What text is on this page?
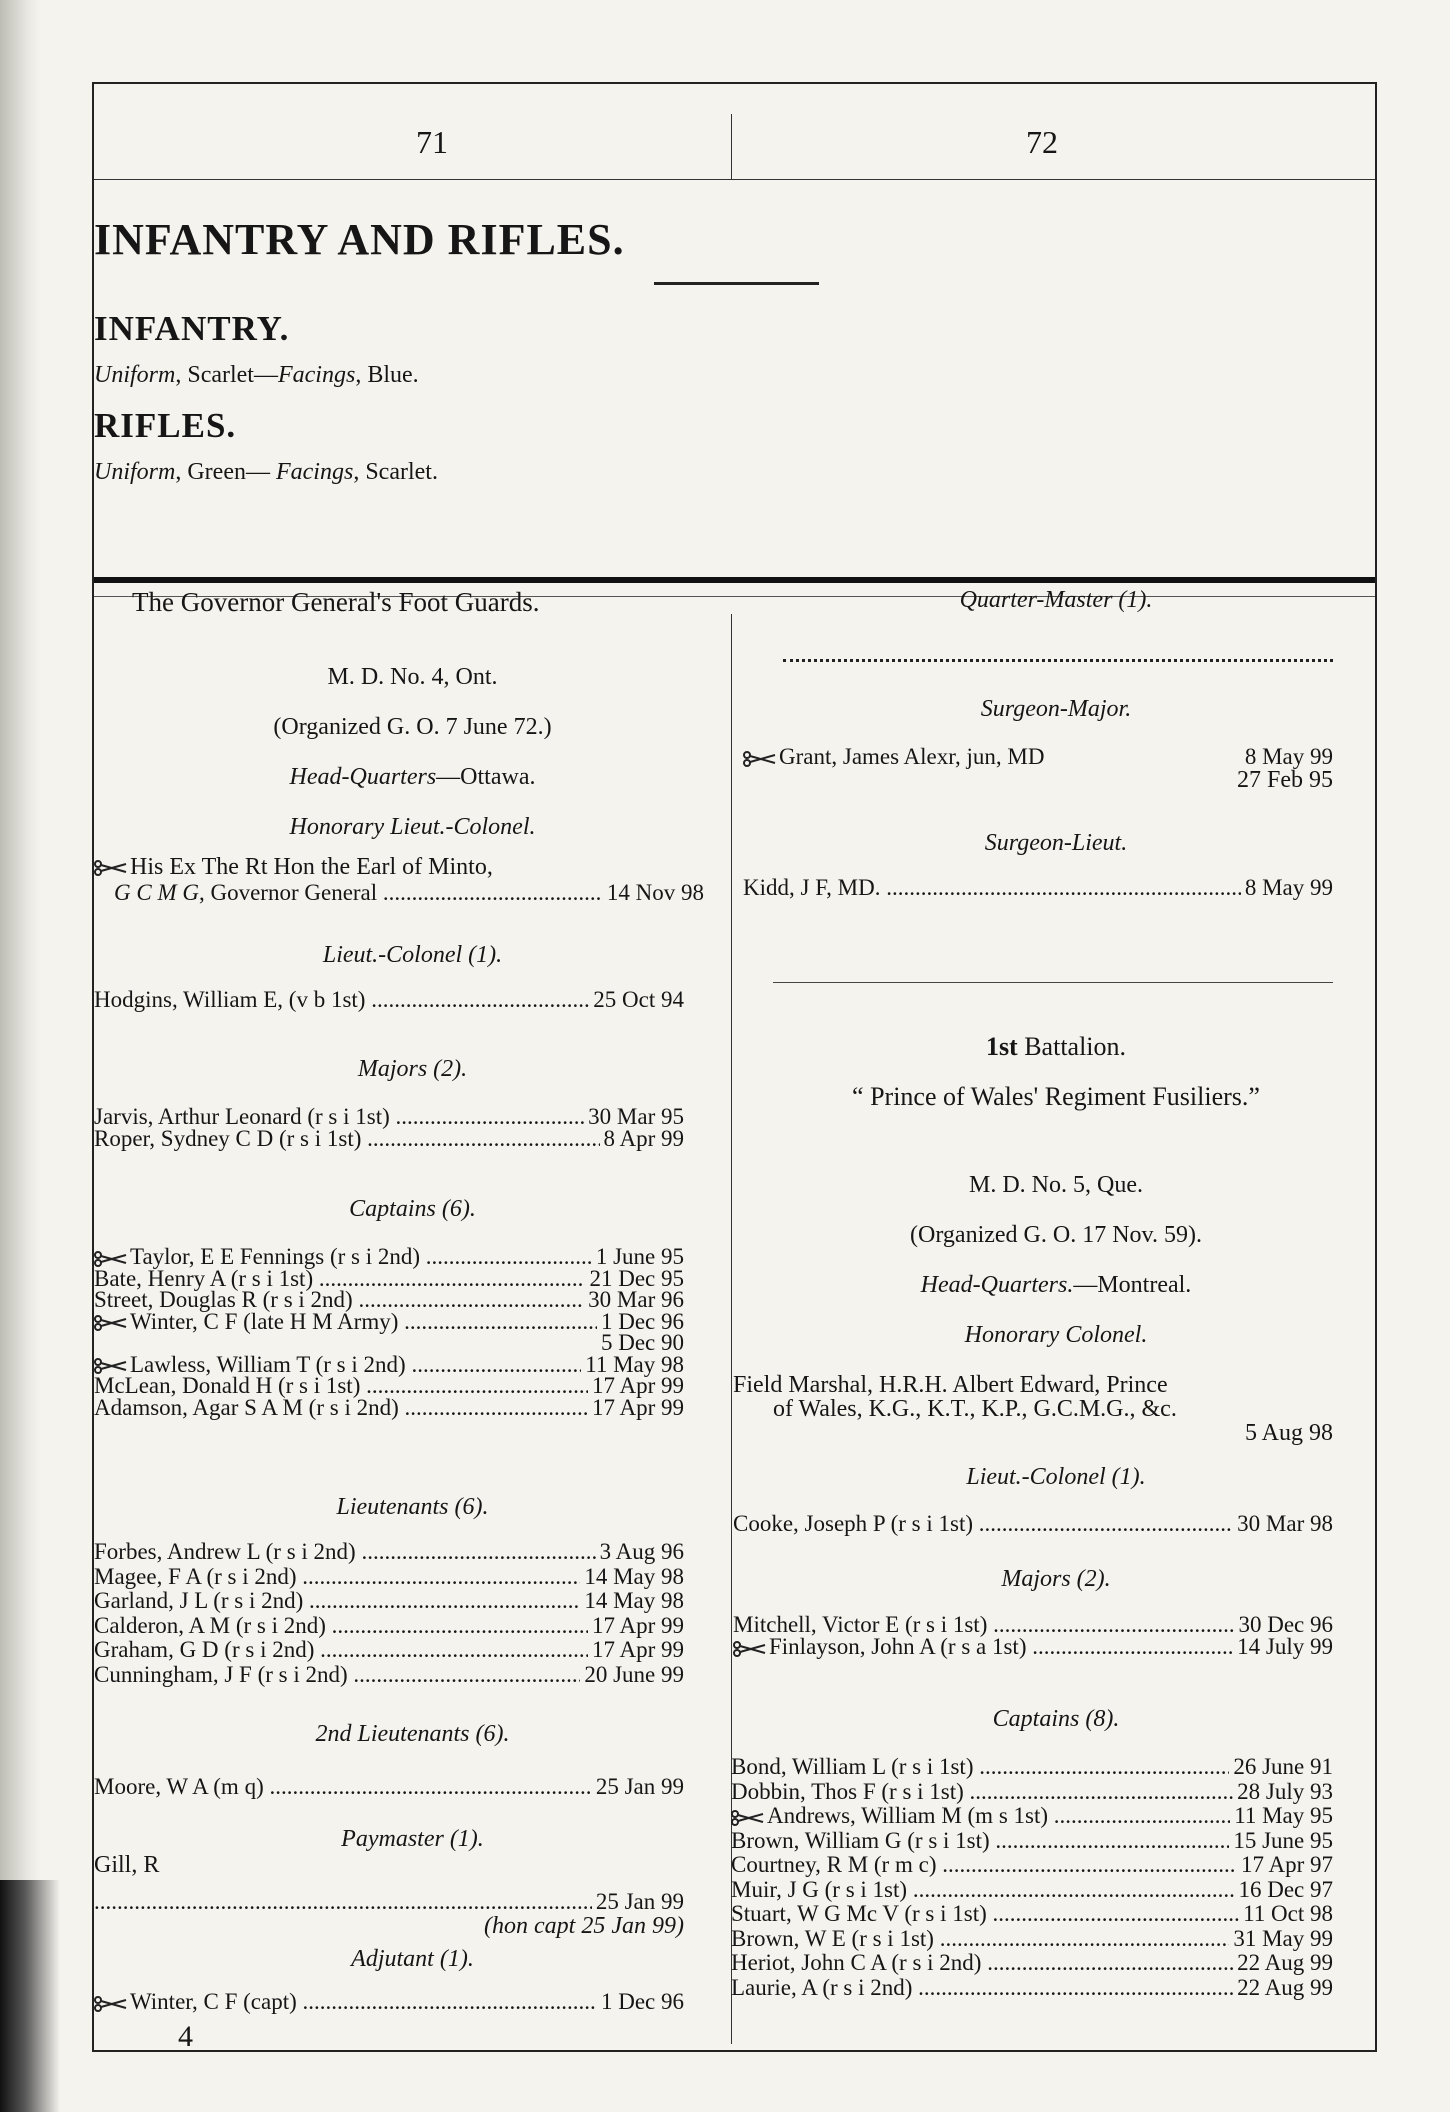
71	72
INFANTRY AND RIFLES.
INFANTRY.
Uniform, Scarlet—Facings, Blue.
RIFLES.
Uniform, Green— Facings, Scarlet.
The Governor General's Foot Guards.
M. D. No. 4, Ont.
(Organized G. O. 7 June 72.)
Head-Quarters—Ottawa.
Honorary Lieut.-Colonel.
His Ex The Rt Hon the Earl of Minto,
G C M G, Governor General .....	14 Nov 98
Lieut.-Colonel (1).
Hodgins, William E, (v b 1st) .....	25 Oct 94
Majors (2).
Jarvis, Arthur Leonard (r s i 1st) .....	30 Mar 95
Roper, Sydney C D (r s i 1st) .....	8 Apr 99
Captains (6).
Taylor, E E Fennings (r s i 2nd) .....	1 June 95
Bate, Henry A (r s i 1st) .....	21 Dec 95
Street, Douglas R (r s i 2nd) .....	30 Mar 96
Winter, C F (late H M Army) .....	1 Dec 96
5 Dec 90
Lawless, William T (r s i 2nd) .....	11 May 98
McLean, Donald H (r s i 1st) .....	17 Apr 99
Adamson, Agar S A M (r s i 2nd) .....	17 Apr 99
Lieutenants (6).
Forbes, Andrew L (r s i 2nd) .....	3 Aug 96
Magee, F A (r s i 2nd) .....	14 May 98
Garland, J L (r s i 2nd) .....	14 May 98
Calderon, A M (r s i 2nd) .....	17 Apr 99
Graham, G D (r s i 2nd) .....	17 Apr 99
Cunningham, J F (r s i 2nd) .....	20 June 99
2nd Lieutenants (6).
Moore, W A (m q) .....	25 Jan 99
Paymaster (1).
Gill, R
.....
25 Jan 99
(hon capt 25 Jan 99)
Adjutant (1).
Winter, C F (capt) .....	1 Dec 96
Quarter-Master (1).
Surgeon-Major.
Grant, James Alexr, jun, MD	8 May 99
27 Feb 95
Surgeon-Lieut.
Kidd, J F, MD. .....	8 May 99
1st Battalion.
“ Prince of Wales' Regiment Fusiliers.”
M. D. No. 5, Que.
(Organized G. O. 17 Nov. 59).
Head-Quarters.—Montreal.
Honorary Colonel.
Field Marshal, H.R.H. Albert Edward, Prince
of Wales, K.G., K.T., K.P., G.C.M.G., &c.
5 Aug 98
Lieut.-Colonel (1).
Cooke, Joseph P (r s i 1st) .....	30 Mar 98
Majors (2).
Mitchell, Victor E (r s i 1st) .....	30 Dec 96
Finlayson, John A (r s a 1st) .....	14 July 99
Captains (8).
Bond, William L (r s i 1st) .....	26 June 91
Dobbin, Thos F (r s i 1st) .....	28 July 93
Andrews, William M (m s 1st) .....	11 May 95
Brown, William G (r s i 1st) .....	15 June 95
Courtney, R M (r m c) .....	17 Apr 97
Muir, J G (r s i 1st) .....	16 Dec 97
Stuart, W G Mc V (r s i 1st) .....	11 Oct 98
Brown, W E (r s i 1st) .....	31 May 99
Heriot, John C A (r s i 2nd) .....	22 Aug 99
Laurie, A (r s i 2nd) .....	22 Aug 99
4
